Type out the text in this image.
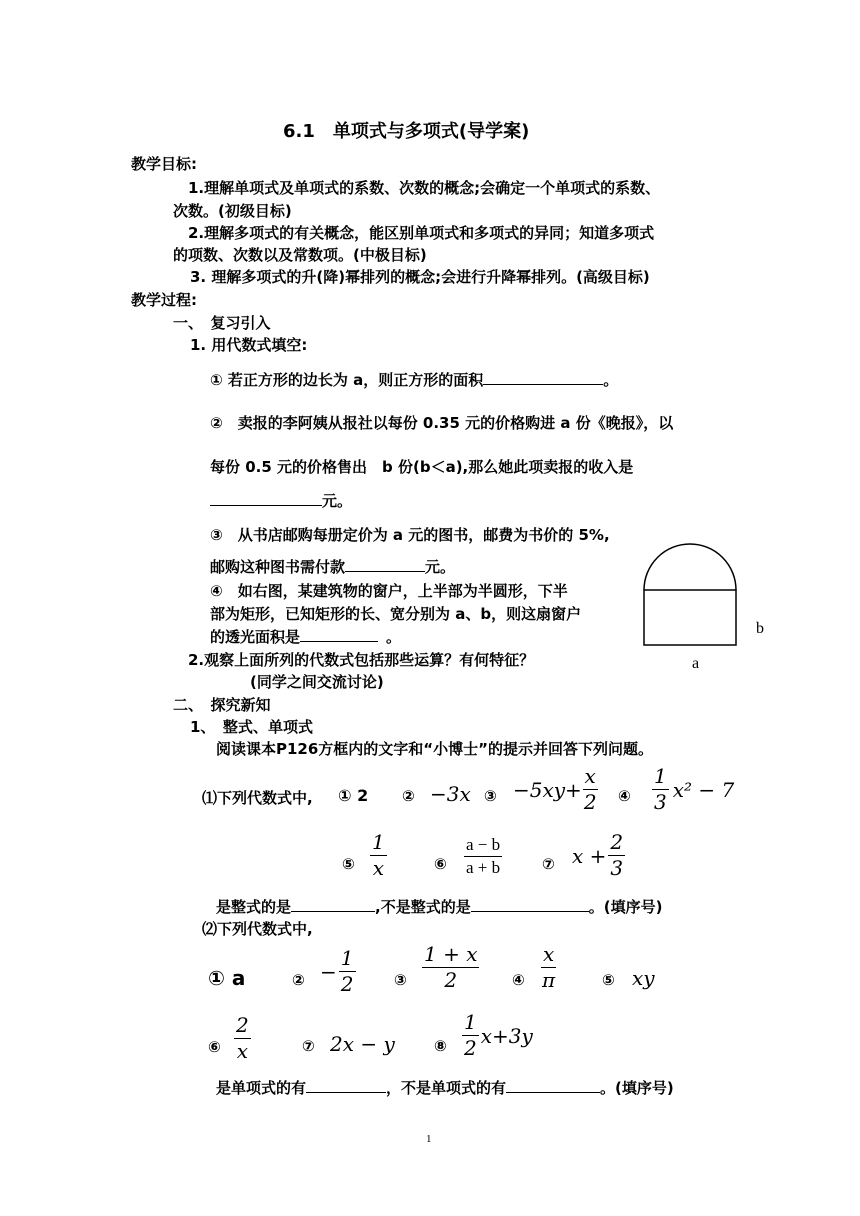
6.1　单项式与多项式(导学案)
教学目标:
1.理解单项式及单项式的系数、次数的概念;会确定一个单项式的系数、
次数。(初级目标)
2.理解多项式的有关概念，能区别单项式和多项式的异同；知道多项式
的项数、次数以及常数项。(中极目标)
3. 理解多项式的升(降)幂排列的概念;会进行升降幂排列。(高级目标)
教学过程:
一、　复习引入
1. 用代数式填空:
① 若正方形的边长为 a，则正方形的面积	。
②　卖报的李阿姨从报社以每份 0.35 元的价格购进 a 份《晚报》，以
每份 0.5 元的价格售出　b 份(b＜a),那么她此项卖报的收入是
元。
③　从书店邮购每册定价为 a 元的图书，邮费为书价的 5%,
邮购这种图书需付款	元。
④　如右图，某建筑物的窗户，上半部为半圆形，下半
部为矩形，已知矩形的长、宽分别为 a、b，则这扇窗户
的透光面积是	。
2.观察上面所列的代数式包括那些运算？有何特征？
(同学之间交流讨论)
b
a
二、　探究新知
1、　整式、单项式
阅读课本P126方框内的文字和“小博士”的提示并回答下列问题。
⑴下列代数式中, ① 2 ② −3x ③ $-5xy+ \frac{x}{2}$ ④ $\frac{1}{3} x^2 - 7$
⑤ $\frac{1}{x}$	⑥ $\frac{a - b}{a + b}$	⑦ $x + \frac{2}{3}$
是整式的是	,不是整式的是	。(填序号)
⑵下列代数式中,
① a	② − $\frac{1}{2}$	③ $\frac{1 + x}{2}$ ④ $\frac{x}{\pi}$	⑤ xy
⑥ $\frac{2}{x}$	⑦ 2x − y	⑧ $\frac{1}{2} x+3y$
是单项式的有	，不是单项式的有	。(填序号)
1
